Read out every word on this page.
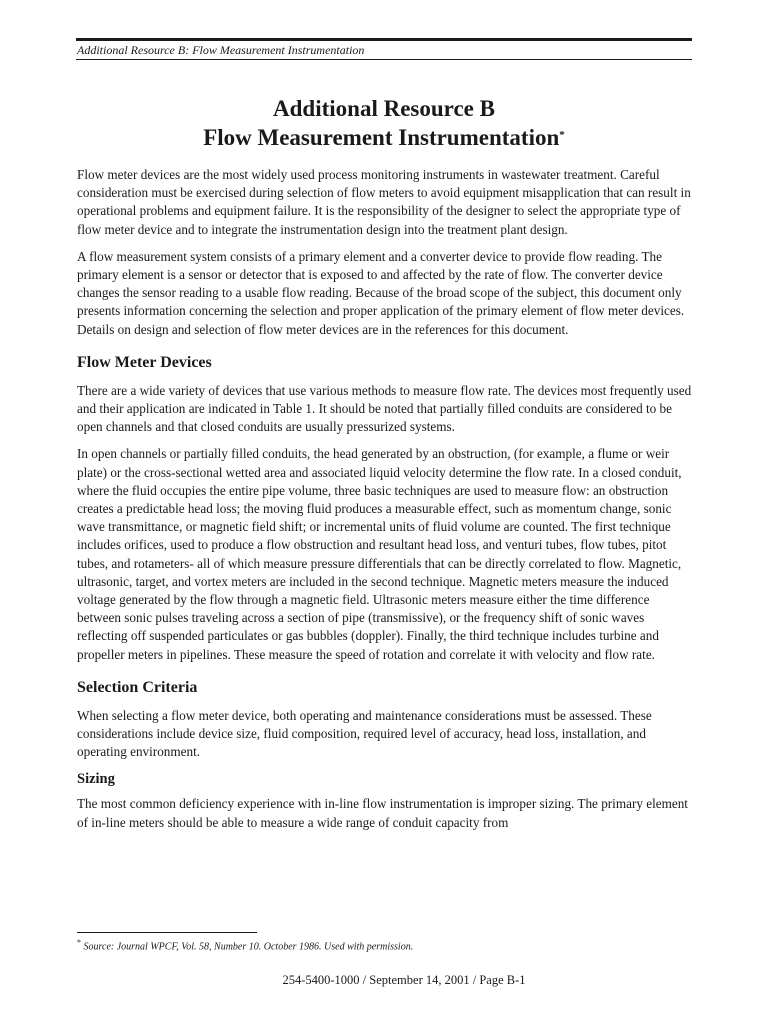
Additional Resource B: Flow Measurement Instrumentation
Additional Resource B
Flow Measurement Instrumentation*

Flow meter devices are the most widely used process monitoring instruments in wastewater treatment. Careful consideration must be exercised during selection of flow meters to avoid equipment misapplication that can result in operational problems and equipment failure. It is the responsibility of the designer to select the appropriate type of flow meter device and to integrate the instrumentation design into the treatment plant design.

A flow measurement system consists of a primary element and a converter device to provide flow reading. The primary element is a sensor or detector that is exposed to and affected by the rate of flow. The converter device changes the sensor reading to a usable flow reading. Because of the broad scope of the subject, this document only presents information concerning the selection and proper application of the primary element of flow meter devices. Details on design and selection of flow meter devices are in the references for this document.

Flow Meter Devices

There are a wide variety of devices that use various methods to measure flow rate. The devices most frequently used and their application are indicated in Table 1. It should be noted that partially filled conduits are considered to be open channels and that closed conduits are usually pressurized systems.

In open channels or partially filled conduits, the head generated by an obstruction, (for example, a flume or weir plate) or the cross-sectional wetted area and associated liquid velocity determine the flow rate. In a closed conduit, where the fluid occupies the entire pipe volume, three basic techniques are used to measure flow: an obstruction creates a predictable head loss; the moving fluid produces a measurable effect, such as momentum change, sonic wave transmittance, or magnetic field shift; or incremental units of fluid volume are counted. The first technique includes orifices, used to produce a flow obstruction and resultant head loss, and venturi tubes, flow tubes, pitot tubes, and rotameters- all of which measure pressure differentials that can be directly correlated to flow. Magnetic, ultrasonic, target, and vortex meters are included in the second technique. Magnetic meters measure the induced voltage generated by the flow through a magnetic field. Ultrasonic meters measure either the time difference between sonic pulses traveling across a section of pipe (transmissive), or the frequency shift of sonic waves reflecting off suspended particulates or gas bubbles (doppler). Finally, the third technique includes turbine and propeller meters in pipelines. These measure the speed of rotation and correlate it with velocity and flow rate.

Selection Criteria

When selecting a flow meter device, both operating and maintenance considerations must be assessed. These considerations include device size, fluid composition, required level of accuracy, head loss, installation, and operating environment.

Sizing

The most common deficiency experience with in-line flow instrumentation is improper sizing. The primary element of in-line meters should be able to measure a wide range of conduit capacity from

* Source: Journal WPCF, Vol. 58, Number 10. October 1986. Used with permission.
254-5400-1000 / September 14, 2001 / Page B-1
